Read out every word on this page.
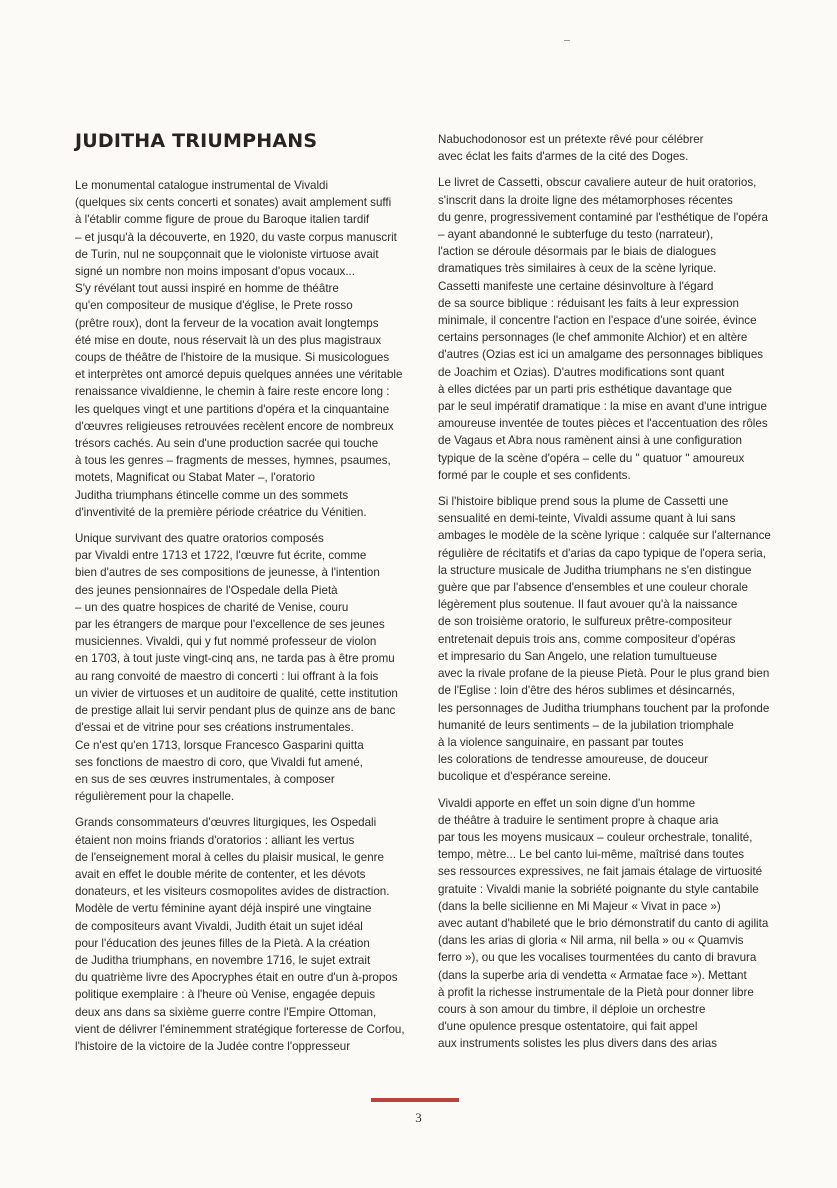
JUDITHA TRIUMPHANS

Le monumental catalogue instrumental de Vivaldi
(quelques six cents concerti et sonates) avait amplement suffi
à l'établir comme figure de proue du Baroque italien tardif
– et jusqu'à la découverte, en 1920, du vaste corpus manuscrit
de Turin, nul ne soupçonnait que le violoniste virtuose avait
signé un nombre non moins imposant d'opus vocaux...
S'y révélant tout aussi inspiré en homme de théâtre
qu'en compositeur de musique d'église, le Prete rosso
(prêtre roux), dont la ferveur de la vocation avait longtemps
été mise en doute, nous réservait là un des plus magistraux
coups de théâtre de l'histoire de la musique. Si musicologues
et interprètes ont amorcé depuis quelques années une véritable
renaissance vivaldienne, le chemin à faire reste encore long :
les quelques vingt et une partitions d'opéra et la cinquantaine
d'œuvres religieuses retrouvées recèlent encore de nombreux
trésors cachés. Au sein d'une production sacrée qui touche
à tous les genres – fragments de messes, hymnes, psaumes,
motets, Magnificat ou Stabat Mater –, l'oratorio
Juditha triumphans étincelle comme un des sommets
d'inventivité de la première période créatrice du Vénitien.

Unique survivant des quatre oratorios composés
par Vivaldi entre 1713 et 1722, l'œuvre fut écrite, comme
bien d'autres de ses compositions de jeunesse, à l'intention
des jeunes pensionnaires de l'Ospedale della Pietà
– un des quatre hospices de charité de Venise, couru
par les étrangers de marque pour l'excellence de ses jeunes
musiciennes. Vivaldi, qui y fut nommé professeur de violon
en 1703, à tout juste vingt-cinq ans, ne tarda pas à être promu
au rang convoité de maestro di concerti : lui offrant à la fois
un vivier de virtuoses et un auditoire de qualité, cette institution
de prestige allait lui servir pendant plus de quinze ans de banc
d'essai et de vitrine pour ses créations instrumentales.
Ce n'est qu'en 1713, lorsque Francesco Gasparini quitta
ses fonctions de maestro di coro, que Vivaldi fut amené,
en sus de ses œuvres instrumentales, à composer
régulièrement pour la chapelle.

Grands consommateurs d'œuvres liturgiques, les Ospedali
étaient non moins friands d'oratorios : alliant les vertus
de l'enseignement moral à celles du plaisir musical, le genre
avait en effet le double mérite de contenter, et les dévots
donateurs, et les visiteurs cosmopolites avides de distraction.
Modèle de vertu féminine ayant déjà inspiré une vingtaine
de compositeurs avant Vivaldi, Judith était un sujet idéal
pour l'éducation des jeunes filles de la Pietà. A la création
de Juditha triumphans, en novembre 1716, le sujet extrait
du quatrième livre des Apocryphes était en outre d'un à-propos
politique exemplaire : à l'heure où Venise, engagée depuis
deux ans dans sa sixième guerre contre l'Empire Ottoman,
vient de délivrer l'éminemment stratégique forteresse de Corfou,
l'histoire de la victoire de la Judée contre l'oppresseur

Nabuchodonosor est un prétexte rêvé pour célébrer
avec éclat les faits d'armes de la cité des Doges.

Le livret de Cassetti, obscur cavaliere auteur de huit oratorios,
s'inscrit dans la droite ligne des métamorphoses récentes
du genre, progressivement contaminé par l'esthétique de l'opéra
– ayant abandonné le subterfuge du testo (narrateur),
l'action se déroule désormais par le biais de dialogues
dramatiques très similaires à ceux de la scène lyrique.
Cassetti manifeste une certaine désinvolture à l'égard
de sa source biblique : réduisant les faits à leur expression
minimale, il concentre l'action en l'espace d'une soirée, évince
certains personnages (le chef ammonite Alchior) et en altère
d'autres (Ozias est ici un amalgame des personnages bibliques
de Joachim et Ozias). D'autres modifications sont quant
à elles dictées par un parti pris esthétique davantage que
par le seul impératif dramatique : la mise en avant d'une intrigue
amoureuse inventée de toutes pièces et l'accentuation des rôles
de Vagaus et Abra nous ramènent ainsi à une configuration
typique de la scène d'opéra – celle du " quatuor " amoureux
formé par le couple et ses confidents.

Si l'histoire biblique prend sous la plume de Cassetti une
sensualité en demi-teinte, Vivaldi assume quant à lui sans
ambages le modèle de la scène lyrique : calquée sur l'alternance
régulière de récitatifs et d'arias da capo typique de l'opera seria,
la structure musicale de Juditha triumphans ne s'en distingue
guère que par l'absence d'ensembles et une couleur chorale
légèrement plus soutenue. Il faut avouer qu'à la naissance
de son troisième oratorio, le sulfureux prêtre-compositeur
entretenait depuis trois ans, comme compositeur d'opéras
et impresario du San Angelo, une relation tumultueuse
avec la rivale profane de la pieuse Pietà. Pour le plus grand bien
de l'Eglise : loin d'être des héros sublimes et désincarnés,
les personnages de Juditha triumphans touchent par la profonde
humanité de leurs sentiments – de la jubilation triomphale
à la violence sanguinaire, en passant par toutes
les colorations de tendresse amoureuse, de douceur
bucolique et d'espérance sereine.

Vivaldi apporte en effet un soin digne d'un homme
de théâtre à traduire le sentiment propre à chaque aria
par tous les moyens musicaux – couleur orchestrale, tonalité,
tempo, mètre... Le bel canto lui-même, maîtrisé dans toutes
ses ressources expressives, ne fait jamais étalage de virtuosité
gratuite : Vivaldi manie la sobriété poignante du style cantabile
(dans la belle sicilienne en Mi Majeur « Vivat in pace »)
avec autant d'habileté que le brio démonstratif du canto di agilita
(dans les arias di gloria « Nil arma, nil bella » ou « Quamvis
ferro »), ou que les vocalises tourmentées du canto di bravura
(dans la superbe aria di vendetta « Armatae face »). Mettant
à profit la richesse instrumentale de la Pietà pour donner libre
cours à son amour du timbre, il déploie un orchestre
d'une opulence presque ostentatoire, qui fait appel
aux instruments solistes les plus divers dans des arias

3
